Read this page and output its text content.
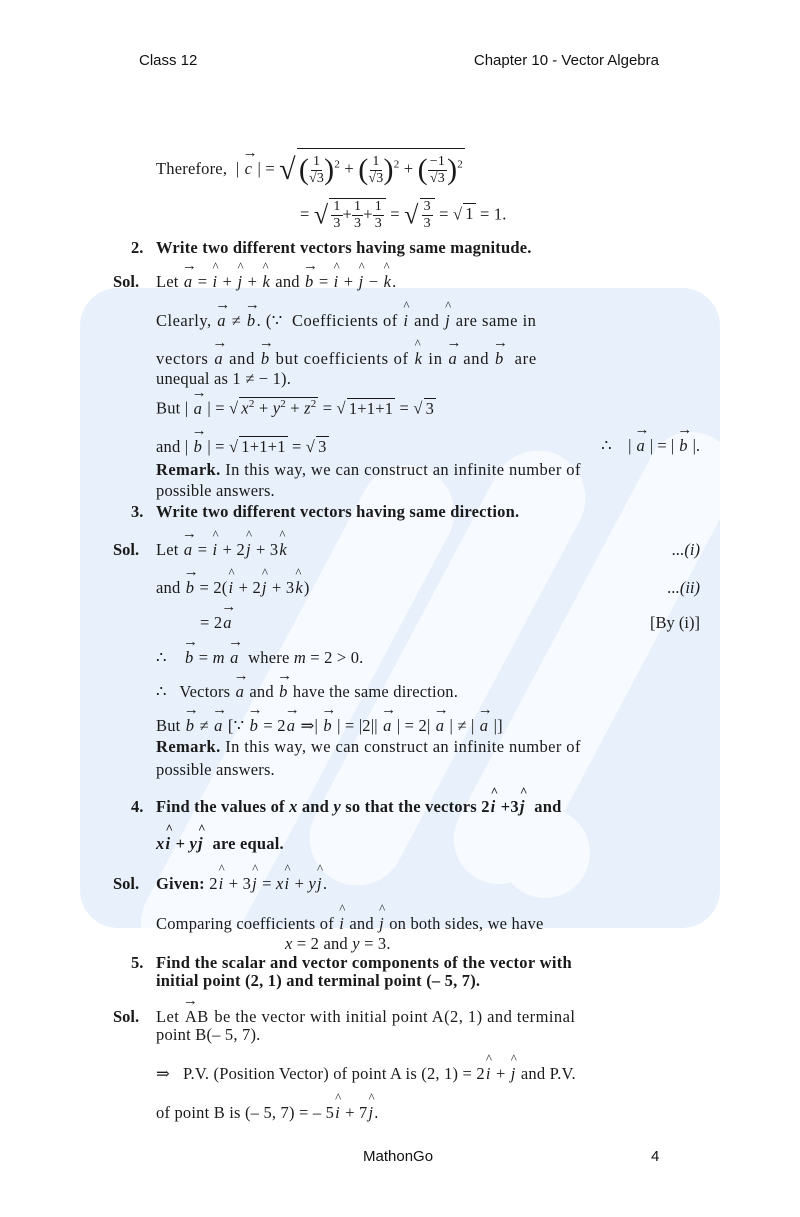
Class 12	Chapter 10 - Vector Algebra
Therefore,  | → c | = √ ( $\frac{1}{√3} )^2$ + ( $\frac{1}{√3} )^2$ + ( $\frac{-1}{√3} )^2$
= √ $\frac{1}{3} + \frac{1}{3} + \frac{1}{3}$ = √ $\frac{3}{3}$ = √ 1 = 1.
2. Write two different vectors having same magnitude.
Sol. Let → a = ^ i + ^ j + ^ k and → b = ^ i + ^ j − ^ k.
Clearly, → a ≠ → b. (∵  Coefficients of ^ i and ^ j are same in
vectors → a and → b but coefficients of ^ k in → a and → b  are
unequal as 1 ≠ − 1).
But | → a | = √ $x^2 + y^2 + z^2$ = √ 1+1+1 = √ 3
and | → b | = √ 1+1+1 = √ 3	∴    | → a | = | → b |.
Remark. In this way, we can construct an infinite number of
possible answers.
3. Write two different vectors having same direction.
Sol. Let → a = ^ i + 2^ j + 3^ k	...(i)
and → b = 2(^ i + 2^ j + 3^ k)	...(ii)
= 2→ a	[By (i)]
∴    → b = m → a  where m = 2 > 0.
∴   Vectors → a and → b have the same direction.
But → b ≠ → a [∵ → b = 2→ a ⇒| → b | = |2|| → a | = 2| → a | ≠ | → a |]
Remark. In this way, we can construct an infinite number of
possible answers.
4. Find the values of x and y so that the vectors 2^ i +3^ j  and
x^ i + y^ j  are equal.
Sol. Given: 2^ i + 3^ j = x^ i + y^ j.
Comparing coefficients of ^ i and ^ j on both sides, we have
x = 2 and y = 3.
5. Find the scalar and vector components of the vector with
initial point (2, 1) and terminal point (– 5, 7).
Sol. Let → AB be the vector with initial point A(2, 1) and terminal
point B(– 5, 7).
⇒   P.V. (Position Vector) of point A is (2, 1) = 2^ i + ^ j and P.V.
of point B is (– 5, 7) = – 5^ i + 7^ j.
MathonGo	4
